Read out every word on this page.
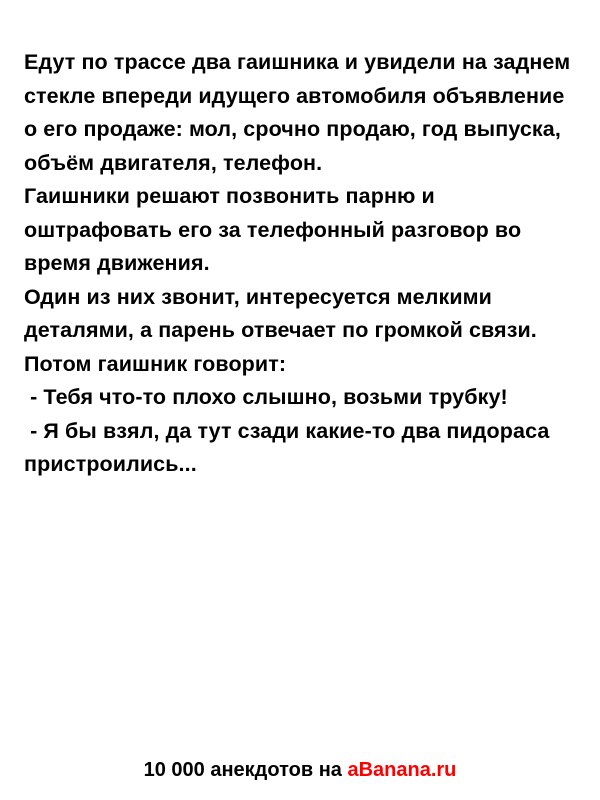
Едут по трассе два гаишника и увидели на заднем стекле впереди идущего автомобиля объявление о его продаже: мол, срочно продаю, год выпуска, объём двигателя, телефон.

Гаишники решают позвонить парню и оштрафовать его за телефонный разговор во время движения.

Один из них звонит, интересуется мелкими деталями, а парень отвечает по громкой связи. Потом гаишник говорит:

- Тебя что-то плохо слышно, возьми трубку!

- Я бы взял, да тут сзади какие-то два пидораса пристроились...

10 000 анекдотов на aBanana.ru
